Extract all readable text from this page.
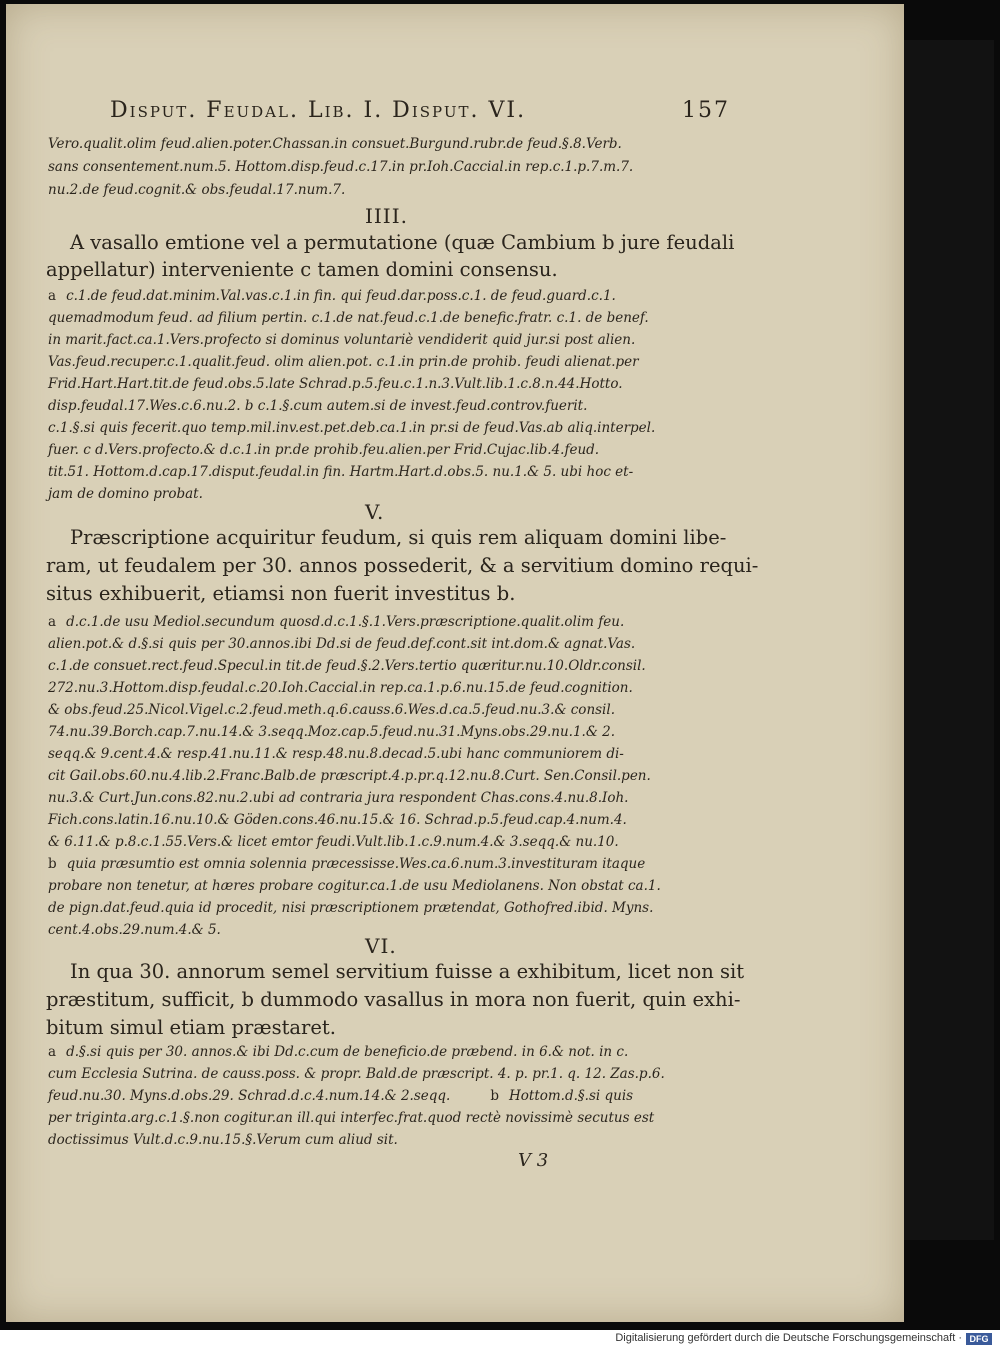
Disput. Feudal. Lib. I. Disput. VI.	157
Vero.qualit.olim feud.alien.poter.Chassan.in consuet.Burgund.rubr.de feud.§.8.Verb.
sans consentement.num.5. Hottom.disp.feud.c.17.in pr.Ioh.Caccial.in rep.c.1.p.7.m.7.
nu.2.de feud.cognit.& obs.feudal.17.num.7.
IIII.
A vasallo emtione vel a permutatione (quæ Cambium b jure feudali
appellatur) interveniente c tamen domini consensu.
a c.1.de feud.dat.minim.Val.vas.c.1.in fin. qui feud.dar.poss.c.1. de feud.guard.c.1.
quemadmodum feud. ad filium pertin. c.1.de nat.feud.c.1.de benefic.fratr. c.1. de benef.
in marit.fact.ca.1.Vers.profecto si dominus voluntariè vendiderit quid jur.si post alien.
Vas.feud.recuper.c.1.qualit.feud. olim alien.pot. c.1.in prin.de prohib. feudi alienat.per
Frid.Hart.Hart.tit.de feud.obs.5.late Schrad.p.5.feu.c.1.n.3.Vult.lib.1.c.8.n.44.Hotto.
disp.feudal.17.Wes.c.6.nu.2. b c.1.§.cum autem.si de invest.feud.controv.fuerit.
c.1.§.si quis fecerit.quo temp.mil.inv.est.pet.deb.ca.1.in pr.si de feud.Vas.ab aliq.interpel.
fuer. c d.Vers.profecto.& d.c.1.in pr.de prohib.feu.alien.per Frid.Cujac.lib.4.feud.
tit.51. Hottom.d.cap.17.disput.feudal.in fin. Hartm.Hart.d.obs.5. nu.1.& 5. ubi hoc et-
jam de domino probat.
V.
Præscriptione acquiritur feudum, si quis rem aliquam domini libe-
ram, ut feudalem per 30. annos possederit, & a servitium domino requi-
situs exhibuerit, etiamsi non fuerit investitus b.
a d.c.1.de usu Mediol.secundum quosd.d.c.1.§.1.Vers.præscriptione.qualit.olim feu.
alien.pot.& d.§.si quis per 30.annos.ibi Dd.si de feud.def.cont.sit int.dom.& agnat.Vas.
c.1.de consuet.rect.feud.Specul.in tit.de feud.§.2.Vers.tertio quæritur.nu.10.Oldr.consil.
272.nu.3.Hottom.disp.feudal.c.20.Ioh.Caccial.in rep.ca.1.p.6.nu.15.de feud.cognition.
& obs.feud.25.Nicol.Vigel.c.2.feud.meth.q.6.causs.6.Wes.d.ca.5.feud.nu.3.& consil.
74.nu.39.Borch.cap.7.nu.14.& 3.seqq.Moz.cap.5.feud.nu.31.Myns.obs.29.nu.1.& 2.
seqq.& 9.cent.4.& resp.41.nu.11.& resp.48.nu.8.decad.5.ubi hanc communiorem di-
cit Gail.obs.60.nu.4.lib.2.Franc.Balb.de præscript.4.p.pr.q.12.nu.8.Curt. Sen.Consil.pen.
nu.3.& Curt.Jun.cons.82.nu.2.ubi ad contraria jura respondent Chas.cons.4.nu.8.Ioh.
Fich.cons.latin.16.nu.10.& Göden.cons.46.nu.15.& 16. Schrad.p.5.feud.cap.4.num.4.
& 6.11.& p.8.c.1.55.Vers.& licet emtor feudi.Vult.lib.1.c.9.num.4.& 3.seqq.& nu.10.
b quia præsumtio est omnia solennia præcessisse.Wes.ca.6.num.3.investituram itaque
probare non tenetur, at hæres probare cogitur.ca.1.de usu Mediolanens. Non obstat ca.1.
de pign.dat.feud.quia id procedit, nisi præscriptionem prætendat, Gothofred.ibid. Myns.
cent.4.obs.29.num.4.& 5.
VI.
In qua 30. annorum semel servitium fuisse a exhibitum, licet non sit
præstitum, sufficit, b dummodo vasallus in mora non fuerit, quin exhi-
bitum simul etiam præstaret.
a d.§.si quis per 30. annos.& ibi Dd.c.cum de beneficio.de præbend. in 6.& not. in c.
cum Ecclesia Sutrina. de causs.poss. & propr. Bald.de præscript. 4. p. pr.1. q. 12. Zas.p.6.
feud.nu.30. Myns.d.obs.29. Schrad.d.c.4.num.14.& 2.seqq.	b Hottom.d.§.si quis
per triginta.arg.c.1.§.non cogitur.an ill.qui interfec.frat.quod rectè novissimè secutus est
doctissimus Vult.d.c.9.nu.15.§.Verum cum aliud sit.
V 3
Digitalisierung gefördert durch die Deutsche Forschungsgemeinschaft · DFG
